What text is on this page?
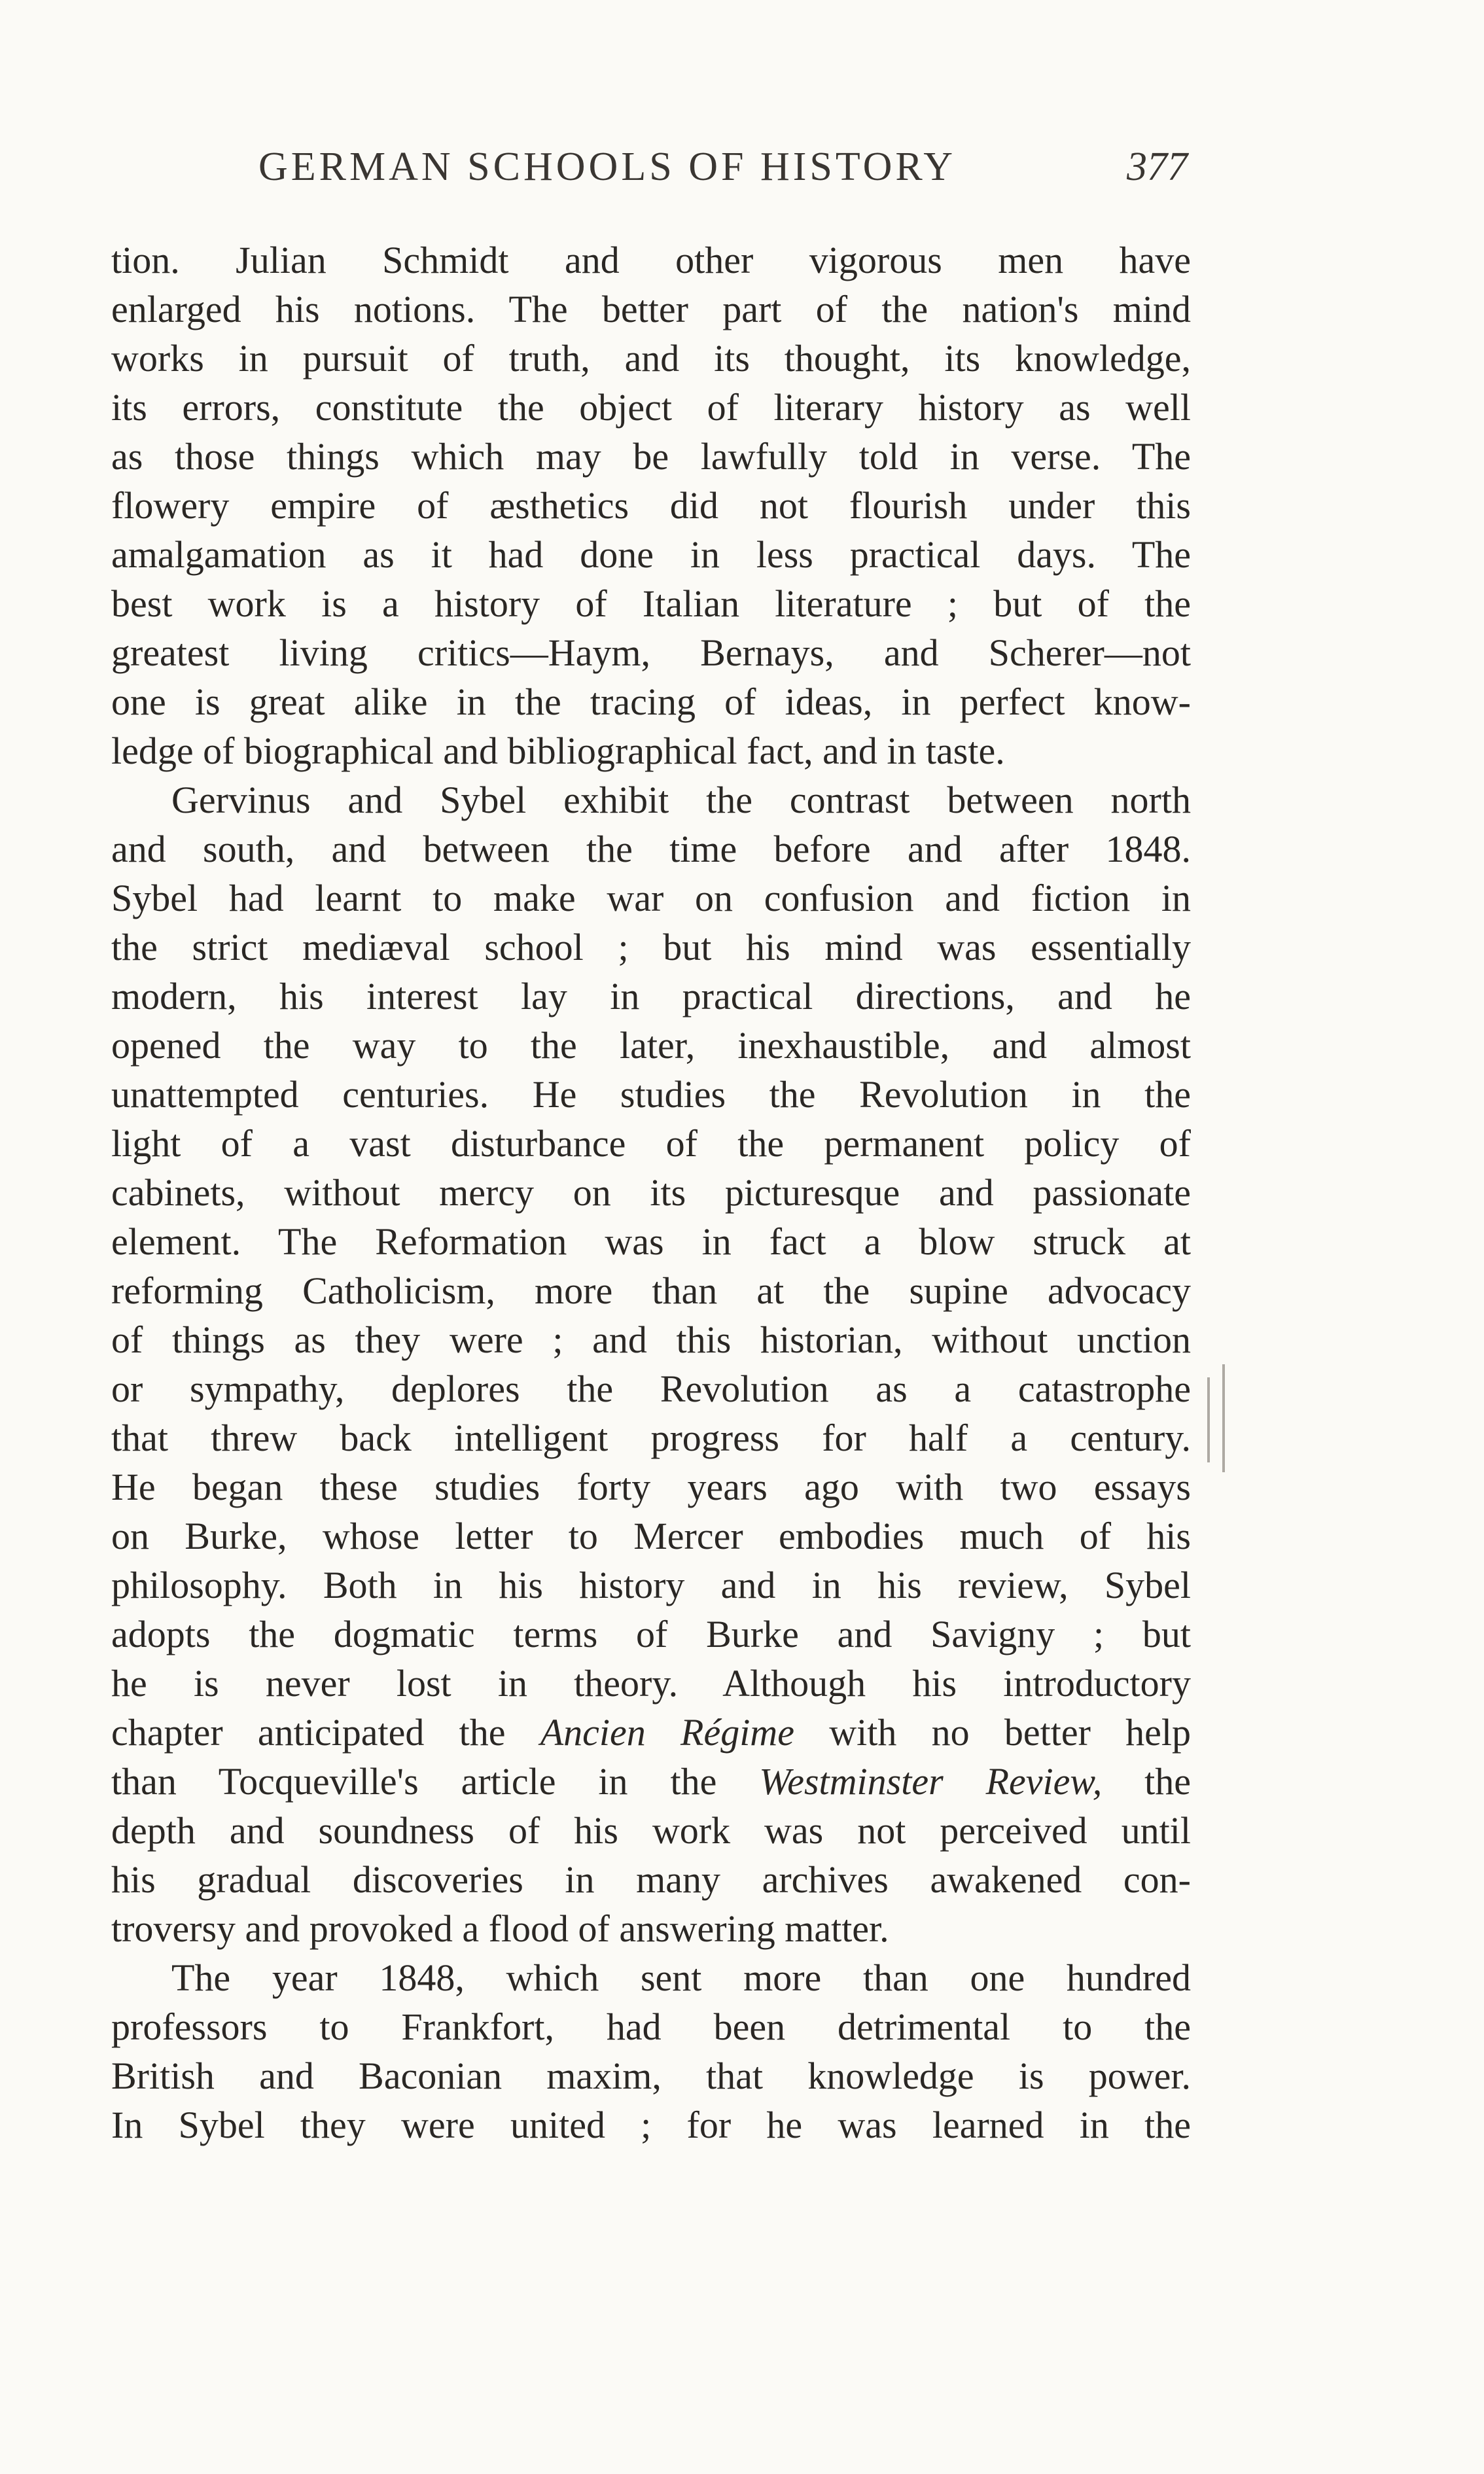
GERMAN SCHOOLS OF HISTORY	377
tion. Julian Schmidt and other vigorous men have
enlarged his notions. The better part of the nation's mind
works in pursuit of truth, and its thought, its knowledge,
its errors, constitute the object of literary history as well
as those things which may be lawfully told in verse. The
flowery empire of æsthetics did not flourish under this
amalgamation as it had done in less practical days. The
best work is a history of Italian literature ; but of the
greatest living critics—Haym, Bernays, and Scherer—not
one is great alike in the tracing of ideas, in perfect know-
ledge of biographical and bibliographical fact, and in taste.
Gervinus and Sybel exhibit the contrast between north
and south, and between the time before and after 1848.
Sybel had learnt to make war on confusion and fiction in
the strict mediæval school ; but his mind was essentially
modern, his interest lay in practical directions, and he
opened the way to the later, inexhaustible, and almost
unattempted centuries. He studies the Revolution in the
light of a vast disturbance of the permanent policy of
cabinets, without mercy on its picturesque and passionate
element. The Reformation was in fact a blow struck at
reforming Catholicism, more than at the supine advocacy
of things as they were ; and this historian, without unction
or sympathy, deplores the Revolution as a catastrophe
that threw back intelligent progress for half a century.
He began these studies forty years ago with two essays
on Burke, whose letter to Mercer embodies much of his
philosophy. Both in his history and in his review, Sybel
adopts the dogmatic terms of Burke and Savigny ; but
he is never lost in theory. Although his introductory
chapter anticipated the Ancien Régime with no better help
than Tocqueville's article in the Westminster Review, the
depth and soundness of his work was not perceived until
his gradual discoveries in many archives awakened con-
troversy and provoked a flood of answering matter.
The year 1848, which sent more than one hundred
professors to Frankfort, had been detrimental to the
British and Baconian maxim, that knowledge is power.
In Sybel they were united ; for he was learned in the
